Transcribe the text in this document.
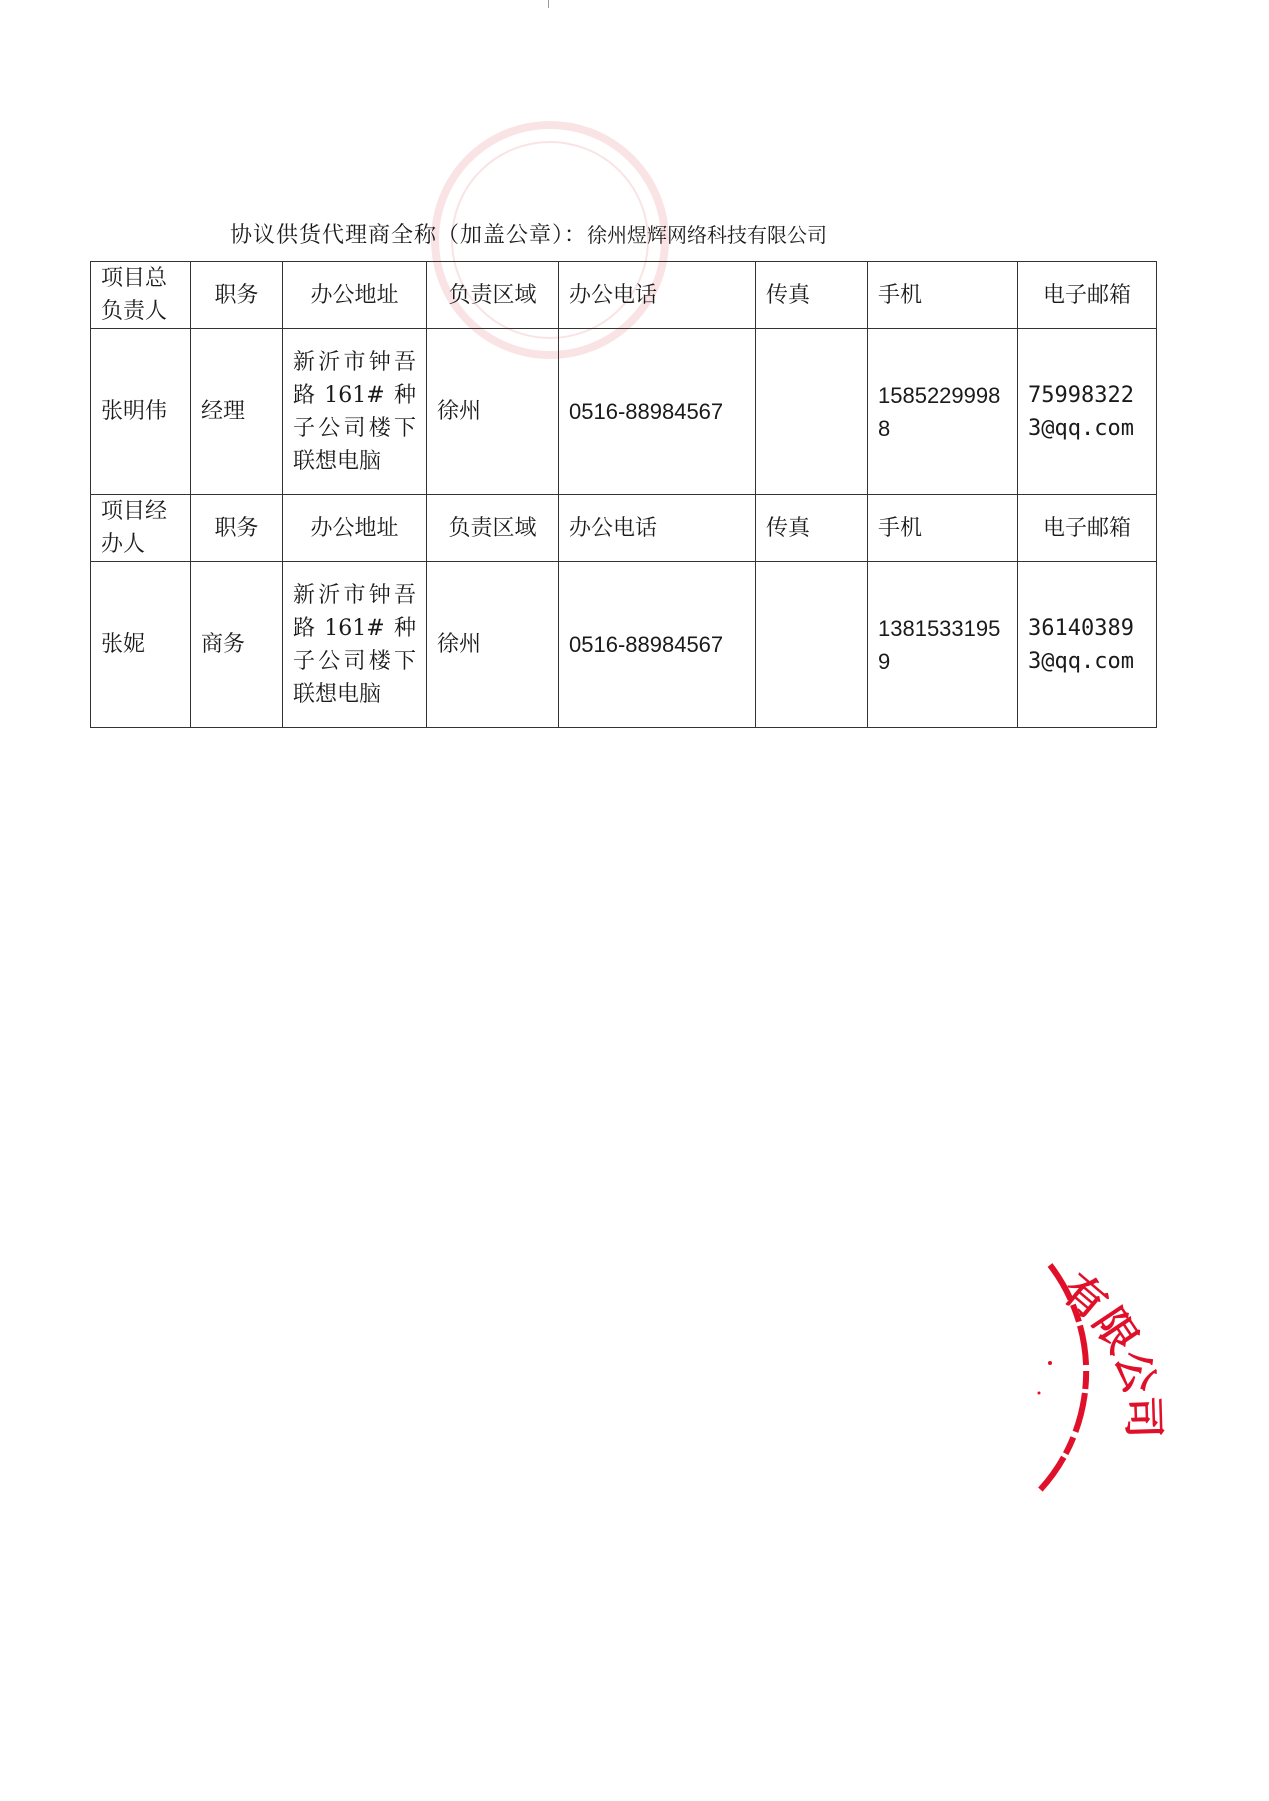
协议供货代理商全称（加盖公章）：徐州煜辉网络科技有限公司
项目总负责人	职务	办公地址	负责区域	办公电话	传真	手机	电子邮箱
张明伟	经理	新沂市钟吾路161#种子公司楼下联想电脑	徐州	0516-88984567		15852299988	759983223@qq.com
项目经办人	职务	办公地址	负责区域	办公电话	传真	手机	电子邮箱
张妮	商务	新沂市钟吾路161#种子公司楼下联想电脑	徐州	0516-88984567		13815331959	361403893@qq.com
有限公司
